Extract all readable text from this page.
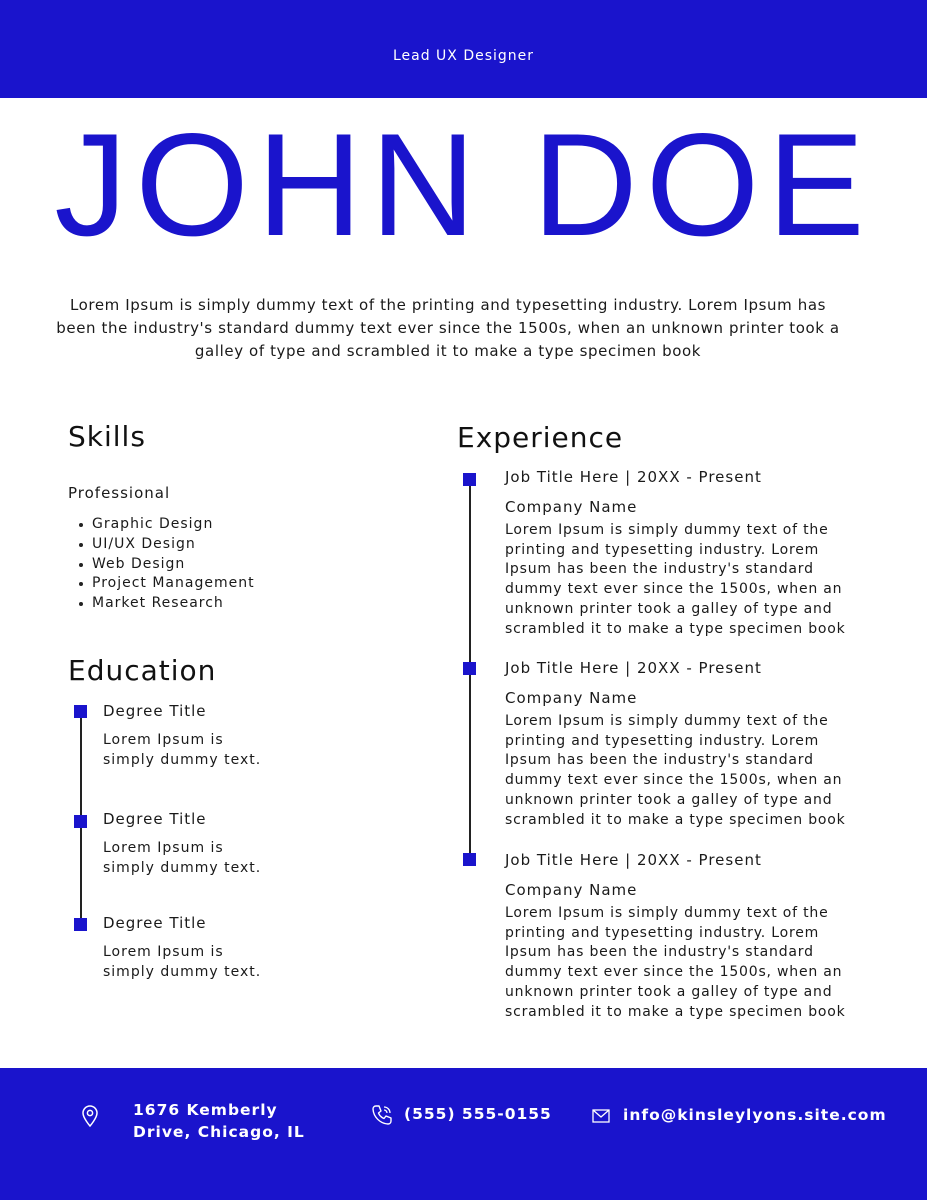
Lead UX Designer
JOHN DOE

Lorem Ipsum is simply dummy text of the printing and typesetting industry. Lorem Ipsum has been the industry's standard dummy text ever since the 1500s, when an unknown printer took a galley of type and scrambled it to make a type specimen book

Skills
Professional
Graphic Design
UI/UX Design
Web Design
Project Management
Market Research
Education
Degree Title
Lorem Ipsum is simply dummy text.
Degree Title
Lorem Ipsum is simply dummy text.
Degree Title
Lorem Ipsum is simply dummy text.
Experience
Job Title Here | 20XX - Present
Company Name
Lorem Ipsum is simply dummy text of the printing and typesetting industry. Lorem Ipsum has been the industry's standard dummy text ever since the 1500s, when an unknown printer took a galley of type and scrambled it to make a type specimen book
Job Title Here | 20XX - Present
Company Name
Lorem Ipsum is simply dummy text of the printing and typesetting industry. Lorem Ipsum has been the industry's standard dummy text ever since the 1500s, when an unknown printer took a galley of type and scrambled it to make a type specimen book
Job Title Here | 20XX - Present
Company Name
Lorem Ipsum is simply dummy text of the printing and typesetting industry. Lorem Ipsum has been the industry's standard dummy text ever since the 1500s, when an unknown printer took a galley of type and scrambled it to make a type specimen book
1676 Kemberly Drive, Chicago, IL
(555) 555-0155	info@kinsleylyons.site.com
